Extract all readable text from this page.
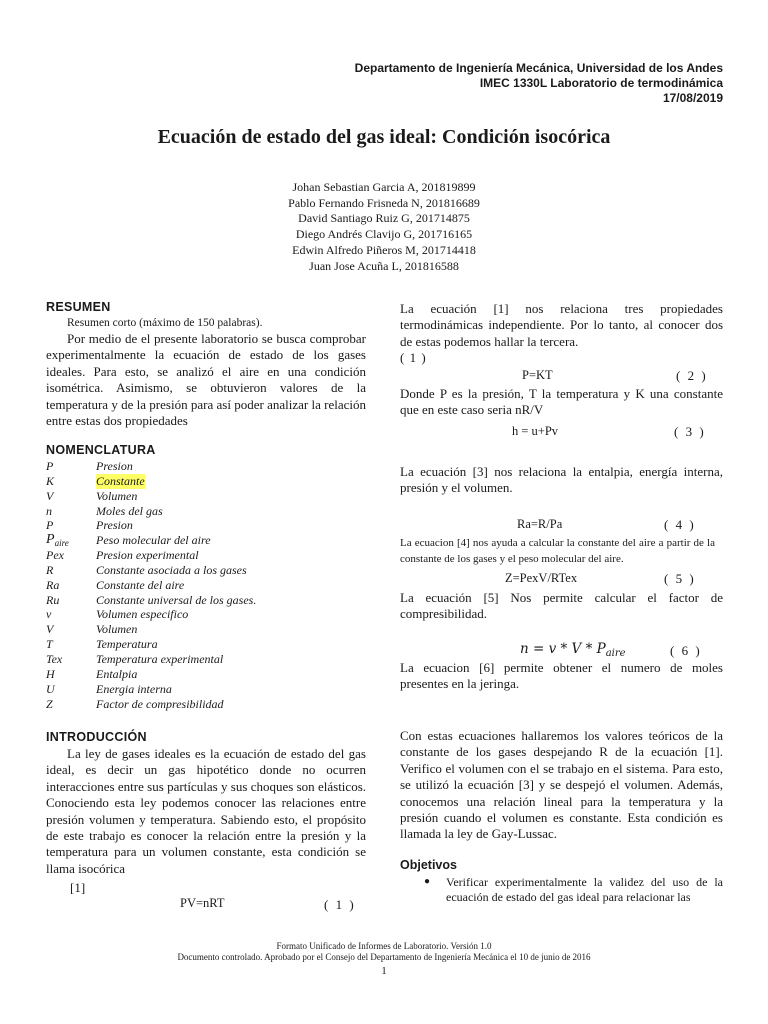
Departamento de Ingeniería Mecánica, Universidad de los Andes
IMEC 1330L Laboratorio de termodinámica
17/08/2019
Ecuación de estado del gas ideal: Condición isocórica
Johan Sebastian Garcia A, 201819899
Pablo Fernando Frisneda N, 201816689
David Santiago Ruiz G, 201714875
Diego Andrés Clavijo G, 201716165
Edwin Alfredo Piñeros M, 201714418
Juan Jose Acuña L, 201816588
RESUMEN
Resumen corto (máximo de 150 palabras).
Por medio de el presente laboratorio se busca comprobar experimentalmente la ecuación de estado de los gases ideales. Para esto, se analizó el aire en una condición isométrica. Asimismo, se obtuvieron valores de la temperatura y de la presión para así poder analizar la relación entre estas dos propiedades
NOMENCLATURA
P	Presion
K	Constante
V	Volumen
n	Moles del gas
P	Presion
$P_{aire}$ Peso molecular del aire
Pex	Presion experimental
R	Constante asociada a los gases
Ra	Constante del aire
Ru	Constante universal de los gases.
v	Volumen especifico
V	Volumen
T	Temperatura
Tex	Temperatura experimental
H	Entalpia
U	Energia interna
Z	Factor de compresibilidad
INTRODUCCIÓN
La ley de gases ideales es la ecuación de estado del gas ideal, es decir un gas hipotético donde no ocurren interacciones entre sus partículas y sus choques son elásticos. Conociendo esta ley podemos conocer las relaciones entre presión volumen y temperatura. Sabiendo esto, el propósito de este trabajo es conocer la relación entre la presión y la temperatura para un volumen constante, esta condición se llama isocórica
[1]
PV=nRT	( 1 )
La ecuación [1] nos relaciona tres propiedades termodinámicas independiente. Por lo tanto, al conocer dos de estas podemos hallar la tercera.
( 1 )
P=KT	( 2 )
Donde P es la presión, T la temperatura y K una constante que en este caso seria nR/V
h = u+Pv	( 3 )
La ecuación [3] nos relaciona la entalpia, energía interna, presión y el volumen.
Ra=R/Pa	( 4 )
La ecuacion [4] nos ayuda a calcular la constante del aire a partir de la constante de los gases y el peso molecular del aire.
Z=PexV/RTex	( 5 )
La ecuación [5] Nos permite calcular el factor de compresibilidad.
$n = v * V * P_{aire}$	( 6 )
La ecuacion [6] permite obtener el numero de moles presentes en la jeringa.
Con estas ecuaciones hallaremos los valores teóricos de la constante de los gases despejando R de la ecuación [1]. Verifico el volumen con el se trabajo en el sistema. Para esto, se utilizó la ecuación [3] y se despejó el volumen. Además, conocemos una relación lineal para la temperatura y la presión cuando el volumen es constante. Esta condición es llamada la ley de Gay-Lussac.
Objetivos
● Verificar experimentalmente la validez del uso de la ecuación de estado del gas ideal para relacionar las
Formato Unificado de Informes de Laboratorio. Versión 1.0
Documento controlado. Aprobado por el Consejo del Departamento de Ingeniería Mecánica el 10 de junio de 2016
1
